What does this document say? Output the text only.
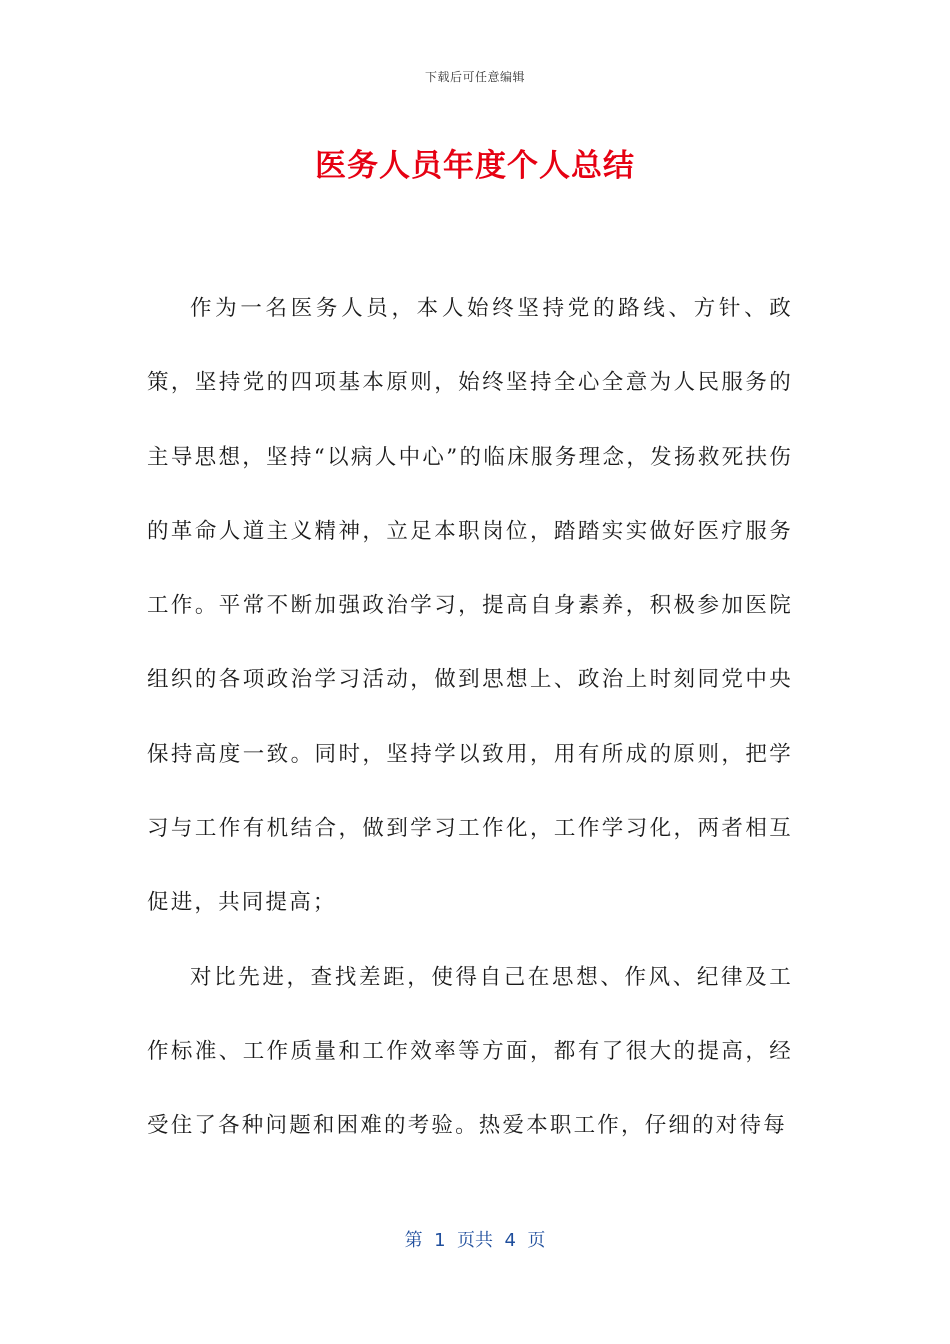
下载后可任意编辑
医务人员年度个人总结

作为一名医务人员，本人始终坚持党的路线、方针、政策，坚持党的四项基本原则，始终坚持全心全意为人民服务的主导思想，坚持“以病人中心”的临床服务理念，发扬救死扶伤的革命人道主义精神，立足本职岗位，踏踏实实做好医疗服务工作。平常不断加强政治学习，提高自身素养，积极参加医院组织的各项政治学习活动，做到思想上、政治上时刻同党中央保持高度一致。同时，坚持学以致用，用有所成的原则，把学习与工作有机结合，做到学习工作化，工作学习化，两者相互促进，共同提高；

对比先进，查找差距，使得自己在思想、作风、纪律及工作标准、工作质量和工作效率等方面，都有了很大的提高，经受住了各种问题和困难的考验。热爱本职工作，仔细的对待每

第  1  页共  4  页
